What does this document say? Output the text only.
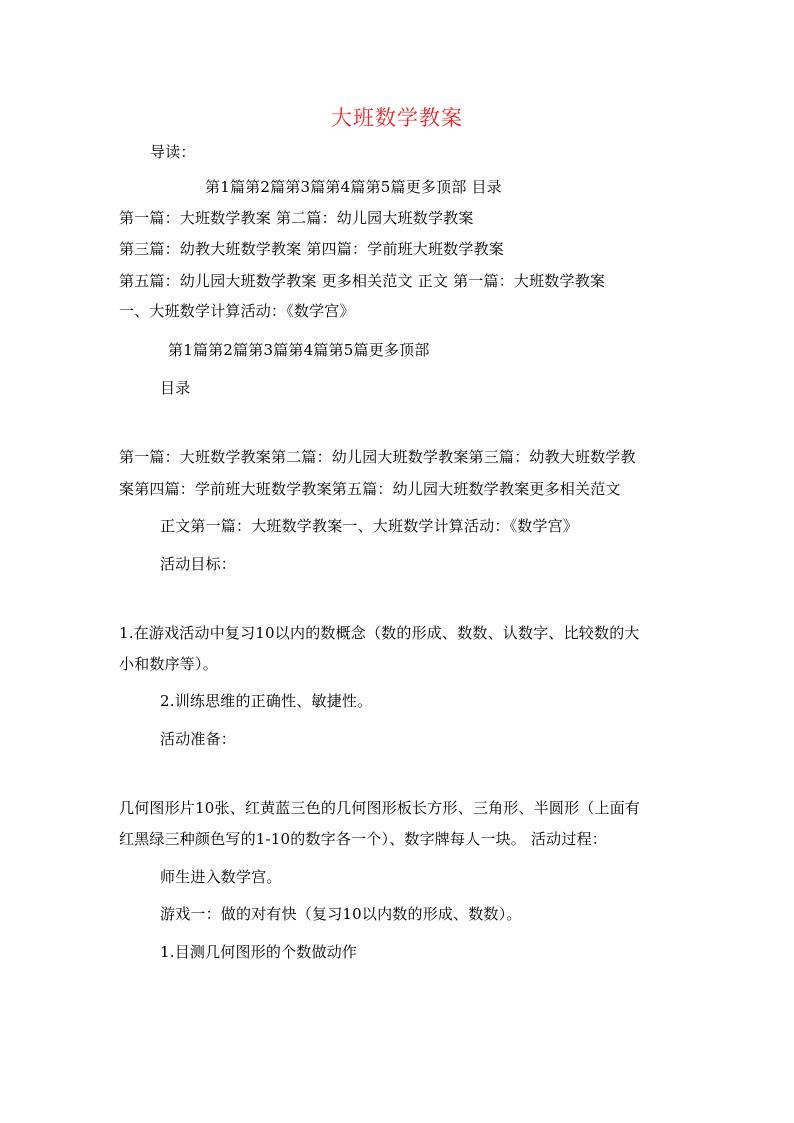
大班数学教案
导读：
第1篇第2篇第3篇第4篇第5篇更多顶部 目录
第一篇：大班数学教案 第二篇：幼儿园大班数学教案
第三篇：幼教大班数学教案 第四篇：学前班大班数学教案
第五篇：幼儿园大班数学教案 更多相关范文 正文 第一篇：大班数学教案
一、大班数学计算活动：《数学宫》
第1篇第2篇第3篇第4篇第5篇更多顶部
目录
第一篇：大班数学教案第二篇：幼儿园大班数学教案第三篇：幼教大班数学教
案第四篇：学前班大班数学教案第五篇：幼儿园大班数学教案更多相关范文
正文第一篇：大班数学教案一、大班数学计算活动：《数学宫》
活动目标：
1.在游戏活动中复习10以内的数概念（数的形成、数数、认数字、比较数的大
小和数序等）。
2.训练思维的正确性、敏捷性。
活动准备：
几何图形片10张、红黄蓝三色的几何图形板长方形、三角形、半圆形（上面有
红黑绿三种颜色写的1-10的数字各一个）、数字牌每人一块。 活动过程：
师生进入数学宫。
游戏一：做的对有快（复习10以内数的形成、数数）。
1.目测几何图形的个数做动作
